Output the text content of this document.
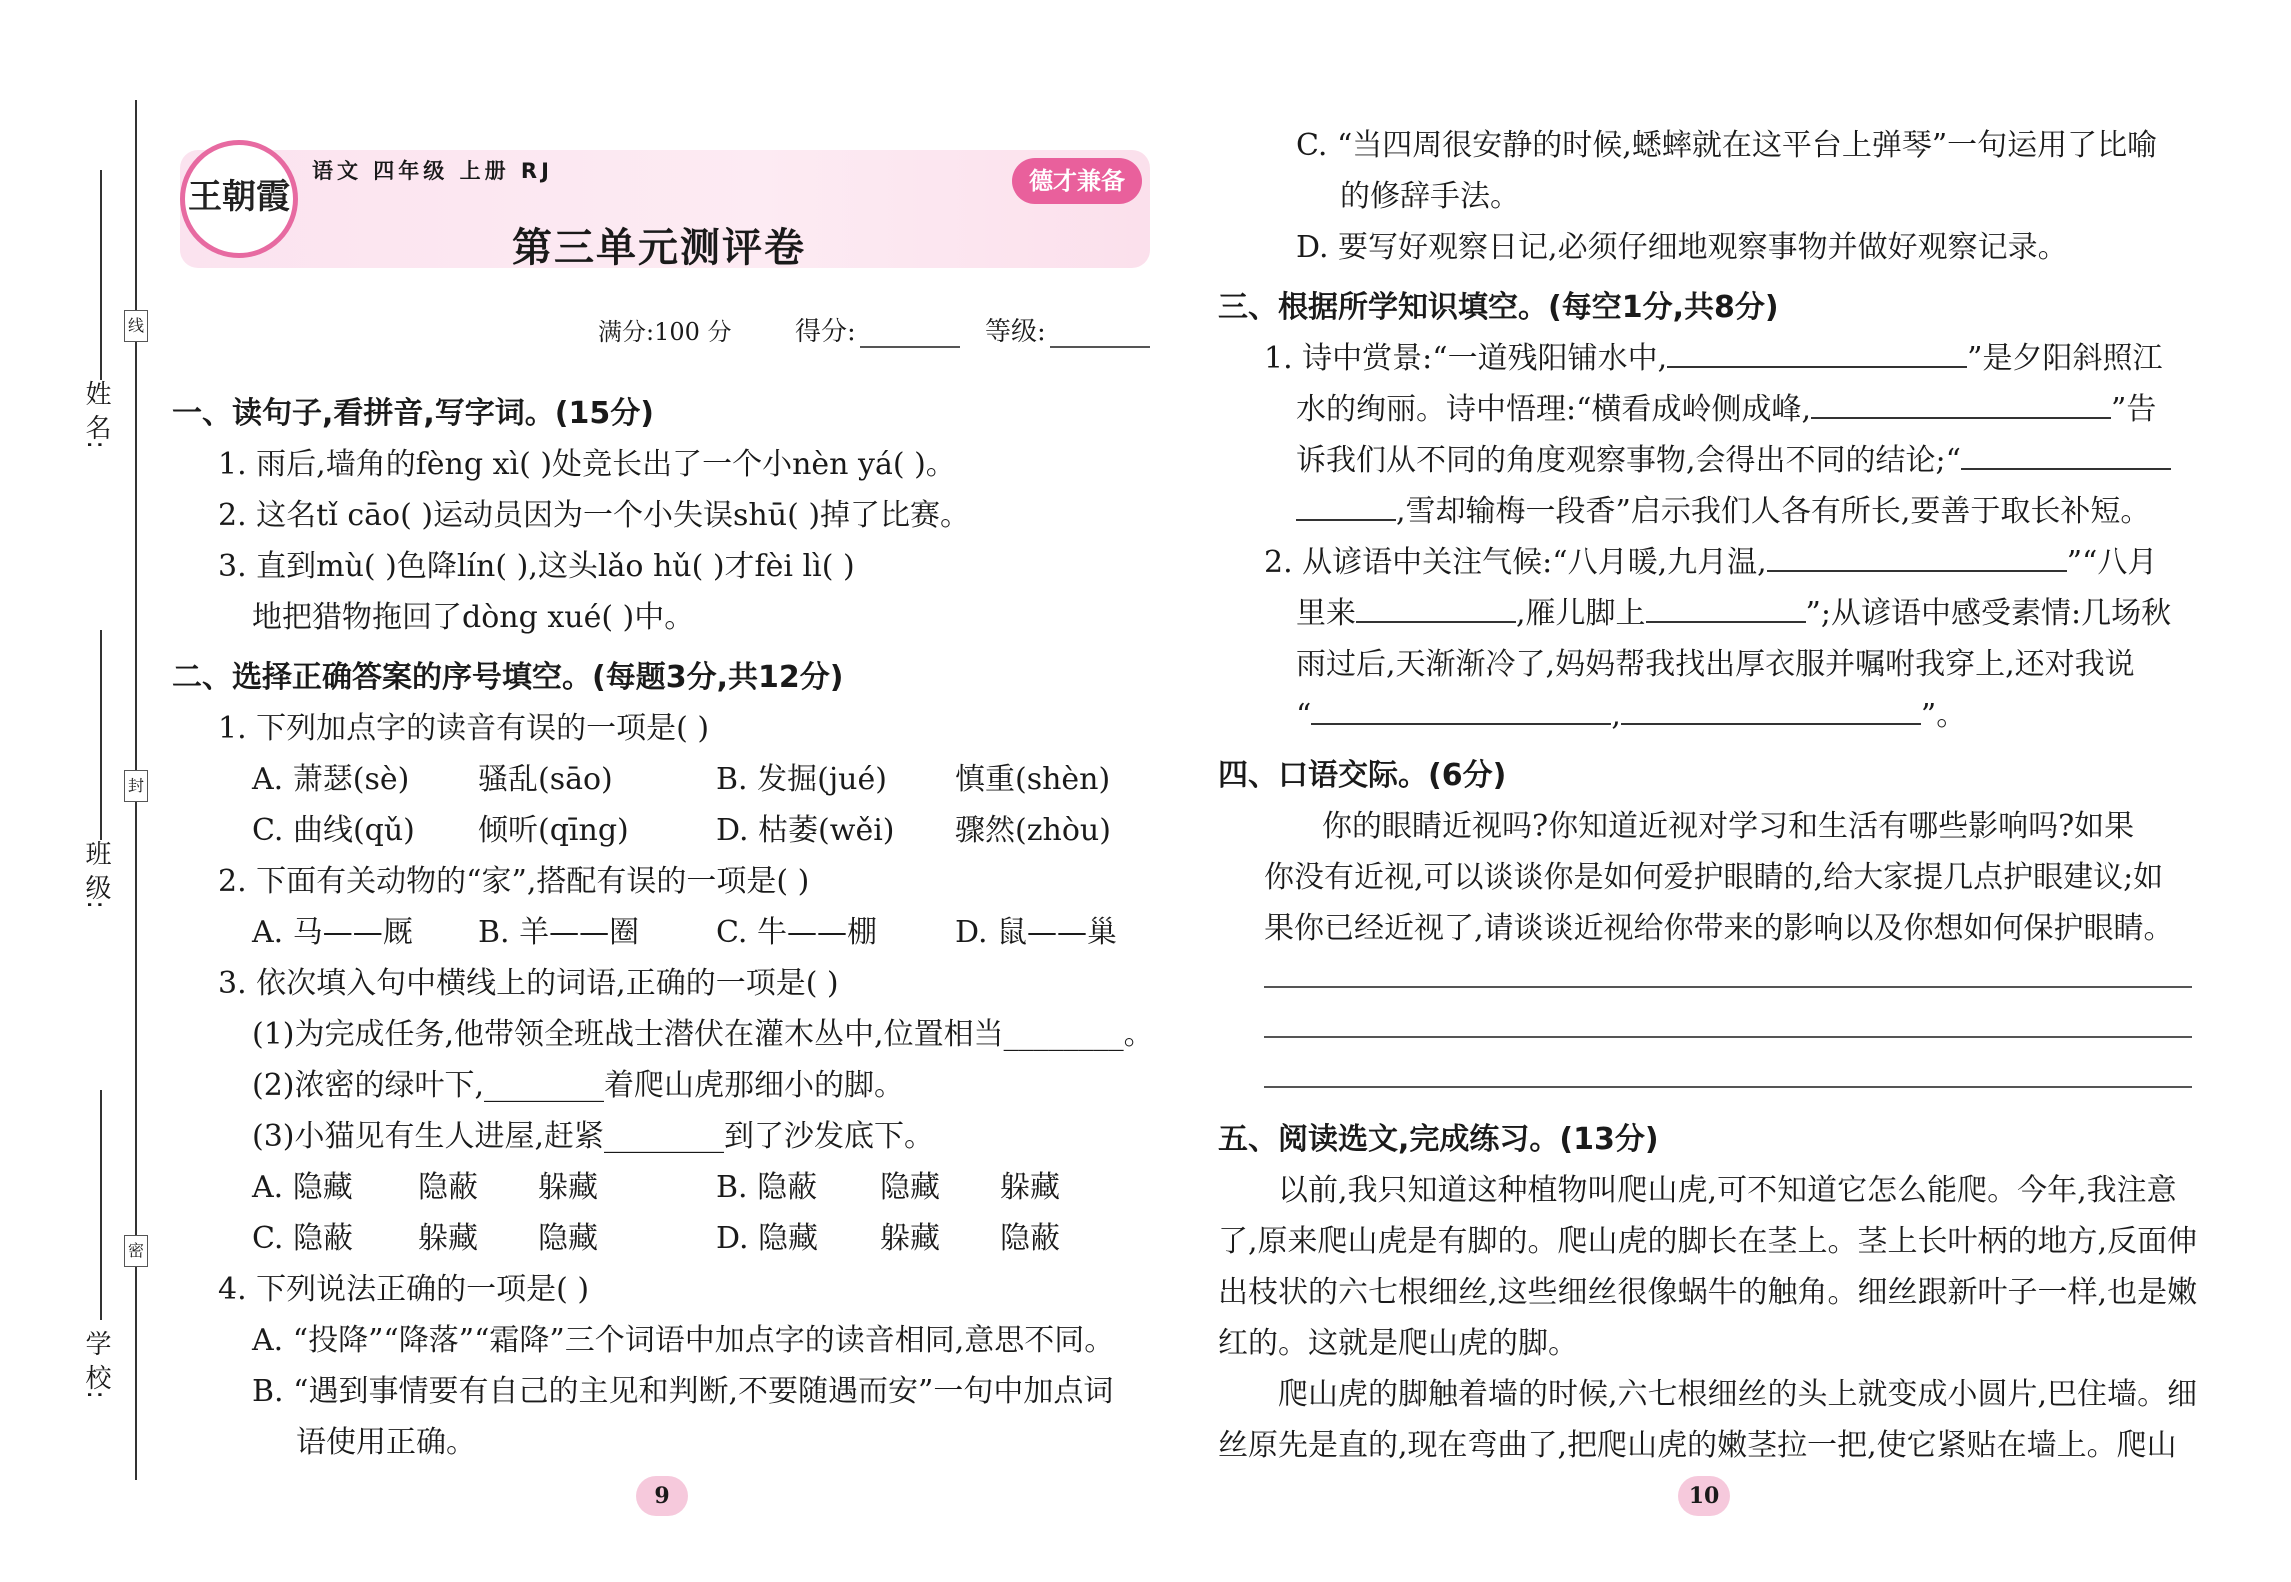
姓 名:
班 级:
学 校:
线
封
密
王朝霞
语文 四年级 上册 RJ
第三单元测评卷
德才兼备
满分:100 分 得分:	等级:
一、读句子,看拼音,写字词。(15分)
1. 雨后,墙角的fèng xì( )处竞长出了一个小nèn yá( )。
2. 这名tǐ cāo( )运动员因为一个小失误shū( )掉了比赛。
3. 直到mù( )色降lín( ),这头lǎo hǔ( )才fèi lì( )
地把猎物拖回了dòng xué( )中。
二、选择正确答案的序号填空。(每题3分,共12分)
1. 下列加点字的读音有误的一项是( )
A. 萧瑟(sè) 骚乱(sāo)	B. 发掘(jué) 慎重(shèn)
C. 曲线(qǔ) 倾听(qīng)	D. 枯萎(wěi) 骤然(zhòu)
2. 下面有关动物的“家”,搭配有误的一项是( )
A. 马——厩 B. 羊——圈	C. 牛——棚	D. 鼠——巢
3. 依次填入句中横线上的词语,正确的一项是( )
(1)为完成任务,他带领全班战士潜伏在灌木丛中,位置相当________。
(2)浓密的绿叶下,________着爬山虎那细小的脚。
(3)小猫见有生人进屋,赶紧________到了沙发底下。
A. 隐藏 隐蔽 躲藏	B. 隐蔽 隐藏 躲藏
C. 隐蔽 躲藏 隐藏	D. 隐藏 躲藏 隐蔽
4. 下列说法正确的一项是( )
A. “投降”“降落”“霜降”三个词语中加点字的读音相同,意思不同。
B. “遇到事情要有自己的主见和判断,不要随遇而安”一句中加点词
语使用正确。
9
C. “当四周很安静的时候,蟋蟀就在这平台上弹琴”一句运用了比喻
的修辞手法。
D. 要写好观察日记,必须仔细地观察事物并做好观察记录。
三、根据所学知识填空。(每空1分,共8分)
1. 诗中赏景:“一道残阳铺水中,	”是夕阳斜照江
水的绚丽。诗中悟理:“横看成岭侧成峰,	”告
诉我们从不同的角度观察事物,会得出不同的结论;“
,雪却输梅一段香”启示我们人各有所长,要善于取长补短。
2. 从谚语中关注气候:“八月暖,九月温,	”“八月
里来	,雁儿脚上	”;从谚语中感受素情:几场秋
雨过后,天渐渐冷了,妈妈帮我找出厚衣服并嘱咐我穿上,还对我说
“	,	”。
四、口语交际。(6分)
你的眼睛近视吗?你知道近视对学习和生活有哪些影响吗?如果
你没有近视,可以谈谈你是如何爱护眼睛的,给大家提几点护眼建议;如
果你已经近视了,请谈谈近视给你带来的影响以及你想如何保护眼睛。
五、阅读选文,完成练习。(13分)
以前,我只知道这种植物叫爬山虎,可不知道它怎么能爬。今年,我注意
了,原来爬山虎是有脚的。爬山虎的脚长在茎上。茎上长叶柄的地方,反面伸
出枝状的六七根细丝,这些细丝很像蜗牛的触角。细丝跟新叶子一样,也是嫩
红的。这就是爬山虎的脚。
爬山虎的脚触着墙的时候,六七根细丝的头上就变成小圆片,巴住墙。细
丝原先是直的,现在弯曲了,把爬山虎的嫩茎拉一把,使它紧贴在墙上。爬山
10
